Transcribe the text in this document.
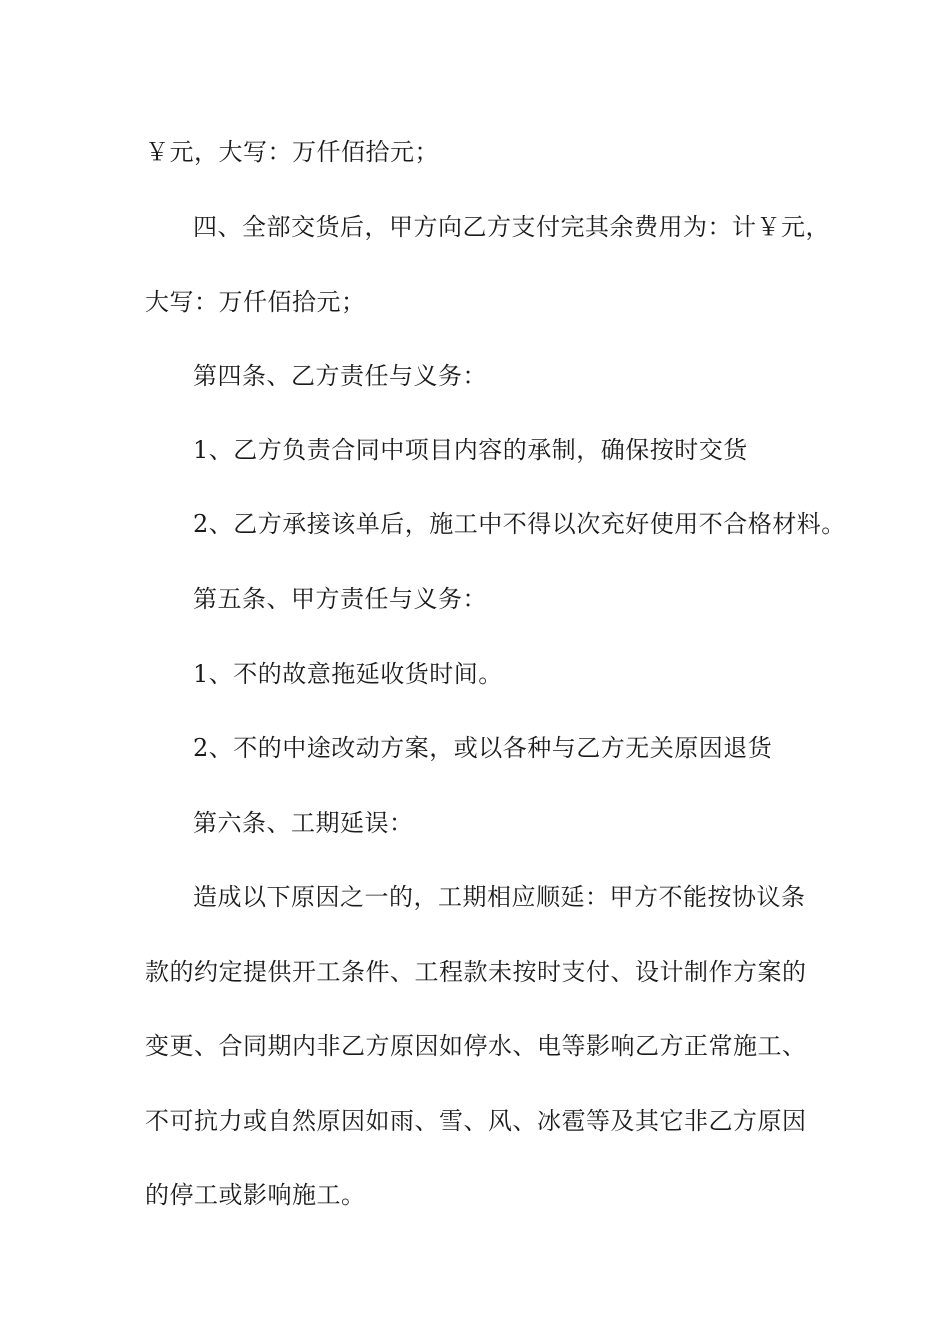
￥元，大写：万仟佰拾元；
四、全部交货后，甲方向乙方支付完其余费用为：计￥元，
大写：万仟佰拾元；
第四条、乙方责任与义务：
1、乙方负责合同中项目内容的承制，确保按时交货
2、乙方承接该单后，施工中不得以次充好使用不合格材料。
第五条、甲方责任与义务：
1、不的故意拖延收货时间。
2、不的中途改动方案，或以各种与乙方无关原因退货
第六条、工期延误：
造成以下原因之一的，工期相应顺延：甲方不能按协议条
款的约定提供开工条件、工程款未按时支付、设计制作方案的
变更、合同期内非乙方原因如停水、电等影响乙方正常施工、
不可抗力或自然原因如雨、雪、风、冰雹等及其它非乙方原因
的停工或影响施工。
